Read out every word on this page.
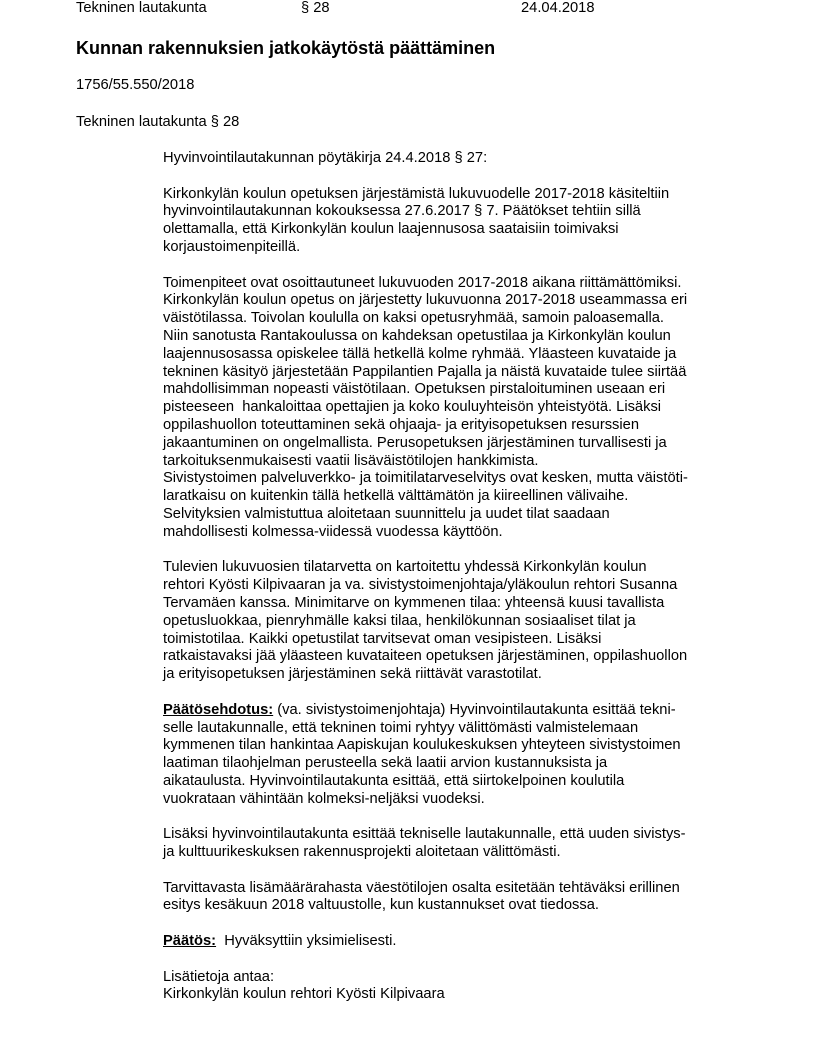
Tekninen lautakunta	§ 28	24.04.2018
Kunnan rakennuksien jatkokäytöstä päättäminen
1756/55.550/2018
Tekninen lautakunta § 28

Hyvinvointilautakunnan pöytäkirja 24.4.2018 § 27:

Kirkonkylän koulun opetuksen järjestämistä lukuvuodelle 2017-2018 käsiteltiin

hyvinvointilautakunnan kokouksessa 27.6.2017 § 7. Päätökset tehtiin sillä

olettamalla, että Kirkonkylän koulun laajennusosa saataisiin toimivaksi

korjaustoimenpiteillä.

Toimenpiteet ovat osoittautuneet lukuvuoden 2017-2018 aikana riittämättömiksi.

Kirkonkylän koulun opetus on järjestetty lukuvuonna 2017-2018 useammassa eri

väistötilassa. Toivolan koululla on kaksi opetusryhmää, samoin paloasemalla.

Niin sanotusta Rantakoulussa on kahdeksan opetustilaa ja Kirkonkylän koulun

laajennusosassa opiskelee tällä hetkellä kolme ryhmää. Yläasteen kuvataide ja

tekninen käsityö järjestetään Pappilantien Pajalla ja näistä kuvataide tulee siirtää

mahdollisimman nopeasti väistötilaan. Opetuksen pirstaloituminen useaan eri

pisteeseen  hankaloittaa opettajien ja koko kouluyhteisön yhteistyötä. Lisäksi

oppilashuollon toteuttaminen sekä ohjaaja- ja erityisopetuksen resurssien

jakaantuminen on ongelmallista. Perusopetuksen järjestäminen turvallisesti ja

tarkoituksenmukaisesti vaatii lisäväistötilojen hankkimista.

Sivistystoimen palveluverkko- ja toimitilatarveselvitys ovat kesken, mutta väistöti-

laratkaisu on kuitenkin tällä hetkellä välttämätön ja kiireellinen välivaihe.

Selvityksien valmistuttua aloitetaan suunnittelu ja uudet tilat saadaan

mahdollisesti kolmessa-viidessä vuodessa käyttöön.

Tulevien lukuvuosien tilatarvetta on kartoitettu yhdessä Kirkonkylän koulun

rehtori Kyösti Kilpivaaran ja va. sivistystoimenjohtaja/yläkoulun rehtori Susanna

Tervamäen kanssa. Minimitarve on kymmenen tilaa: yhteensä kuusi tavallista

opetusluokkaa, pienryhmälle kaksi tilaa, henkilökunnan sosiaaliset tilat ja

toimistotilaa. Kaikki opetustilat tarvitsevat oman vesipisteen. Lisäksi

ratkaistavaksi jää yläasteen kuvataiteen opetuksen järjestäminen, oppilashuollon

ja erityisopetuksen järjestäminen sekä riittävät varastotilat.

Päätösehdotus: (va. sivistystoimenjohtaja) Hyvinvointilautakunta esittää tekni-

selle lautakunnalle, että tekninen toimi ryhtyy välittömästi valmistelemaan

kymmenen tilan hankintaa Aapiskujan koulukeskuksen yhteyteen sivistystoimen

laatiman tilaohjelman perusteella sekä laatii arvion kustannuksista ja

aikataulusta. Hyvinvointilautakunta esittää, että siirtokelpoinen koulutila

vuokrataan vähintään kolmeksi-neljäksi vuodeksi.

Lisäksi hyvinvointilautakunta esittää tekniselle lautakunnalle, että uuden sivistys-

ja kulttuurikeskuksen rakennusprojekti aloitetaan välittömästi.

Tarvittavasta lisämäärärahasta väestötilojen osalta esitetään tehtäväksi erillinen

esitys kesäkuun 2018 valtuustolle, kun kustannukset ovat tiedossa.

Päätös:  Hyväksyttiin yksimielisesti.

Lisätietoja antaa:

Kirkonkylän koulun rehtori Kyösti Kilpivaara
